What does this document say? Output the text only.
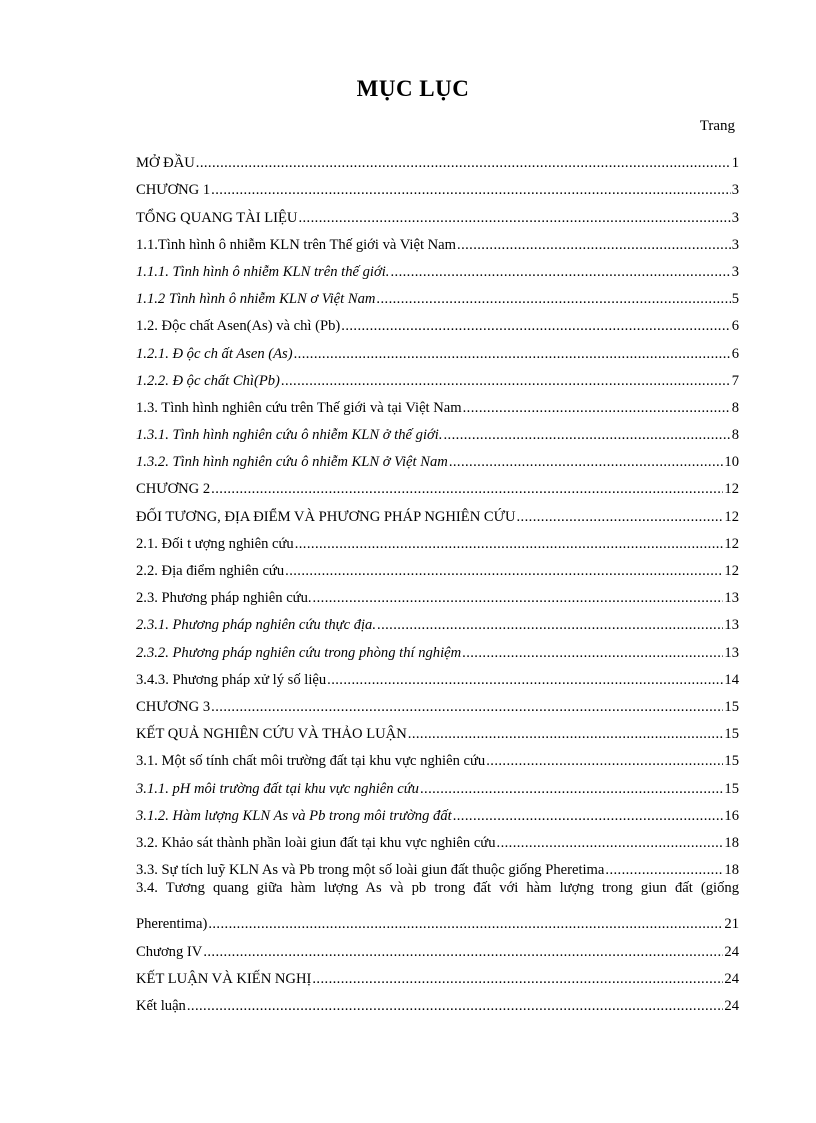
MỤC LỤC
Trang
MỞ ĐẦU .....	1
CHƯƠNG 1 .....	3
TỔNG QUANG TÀI LIỆU .....	3
1.1.Tình hình ô nhiễm KLN trên Thế giới và Việt Nam .....	3
1.1.1. Tình hình ô nhiễm KLN trên thế giới. .....	3
1.1.2 Tình hình ô nhiễm KLN ơ Việt Nam .....	5
1.2. Độc chất Asen(As) và chì (Pb) .....	6
1.2.1. Đ ộc ch ất Asen (As) .....	6
1.2.2. Đ ộc chất Chì(Pb) .....	7
1.3. Tình hình nghiên cứu trên Thế giới và tại Việt Nam .....	8
1.3.1. Tình hình nghiên cứu ô nhiễm KLN ở thế giới. .....	8
1.3.2. Tình hình nghiên cứu ô nhiễm KLN ở Việt Nam .....	10
CHƯƠNG 2 .....	12
ĐỐI TƯƠNG, ĐỊA ĐIỂM VÀ PHƯƠNG PHÁP NGHIÊN CỨU .....	12
2.1. Đối t ượng nghiên cứu .....	12
2.2. Địa điểm nghiên cứu .....	12
2.3. Phương pháp nghiên cứu. .....	13
2.3.1. Phương pháp nghiên cứu thực địa. .....	13
2.3.2. Phương pháp nghiên cứu trong phòng thí nghiệm .....	13
3.4.3. Phương pháp xử lý số liệu .....	14
CHƯƠNG 3 .....	15
KẾT QUẢ NGHIÊN CỨU VÀ THẢO LUẬN .....	15
3.1. Một số tính chất môi trường đất tại khu vực nghiên cứu .....	15
3.1.1. pH môi trường đất tại khu vực nghiên cứu .....	15
3.1.2. Hàm lượng KLN As và Pb trong môi trường đất .....	16
3.2. Khảo sát thành phần loài giun đất tại khu vực nghiên cứu .....	18
3.3. Sự tích luỹ KLN As và Pb trong một số loài giun đất thuộc giống Pheretima .....	18
3.4. Tương quang giữa hàm lượng As và pb trong đất với hàm lượng trong giun đất (giống
Pherentima) .....	21
Chương IV .....	24
KẾT LUẬN VÀ KIẾN NGHỊ .....	24
Kết luận .....	24
